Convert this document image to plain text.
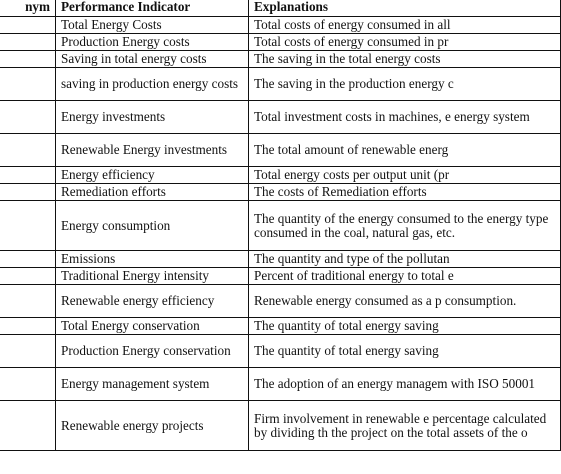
nym	Performance Indicator	Explanations
	Total Energy Costs	Total costs of energy consumed in all
	Production Energy costs	Total costs of energy consumed in pr
	Saving in total energy costs	The saving in the total energy costs
	saving in production energy costs	The saving in the production energy c
	Energy investments	Total investment costs in machines, e energy system
	Renewable Energy investments	The total amount of renewable energ
	Energy efficiency	Total energy costs per output unit (pr
	Remediation efforts	The costs of Remediation efforts
	Energy consumption	The quantity of the energy consumed to the energy type consumed in the coal, natural gas, etc.
	Emissions	The quantity and type of the pollutan
	Traditional Energy intensity	Percent of traditional energy to total e
	Renewable energy efficiency	Renewable energy consumed as a p consumption.
	Total Energy conservation	The quantity of total energy saving
	Production Energy conservation	The quantity of total energy saving
	Energy management system	The adoption of an energy managem with ISO 50001
	Renewable energy projects	Firm involvement in renewable e percentage calculated by dividing th the project on the total assets of the o
